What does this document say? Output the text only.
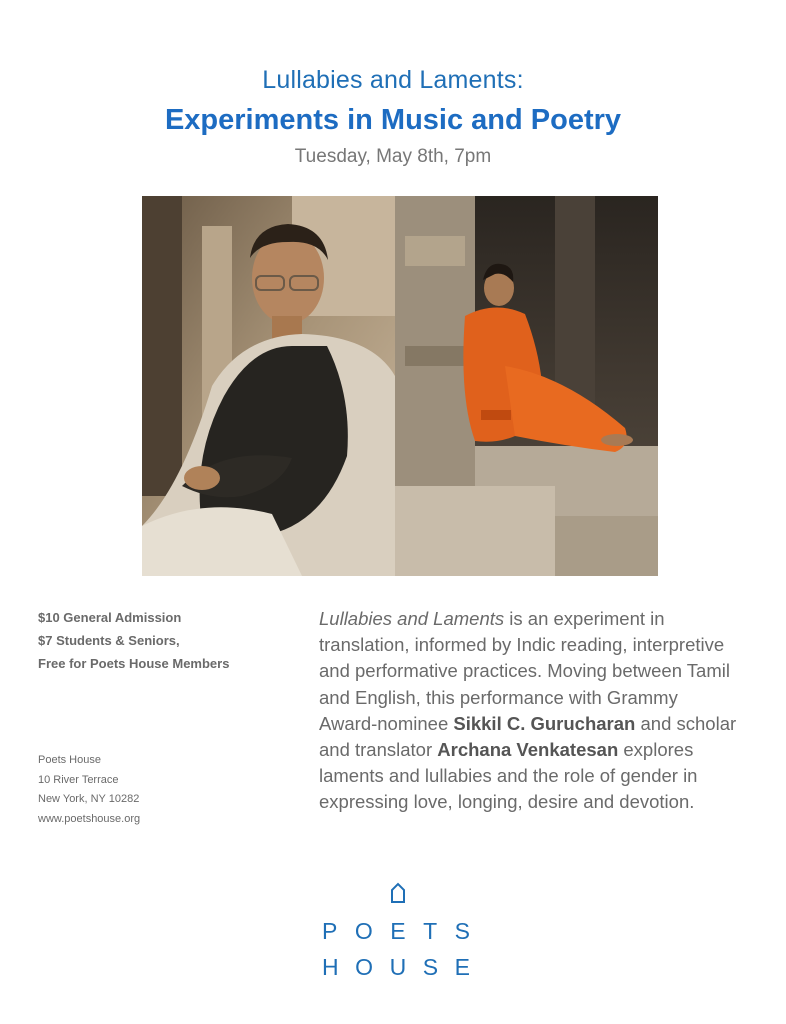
Lullabies and Laments:
Experiments in Music and Poetry
Tuesday, May 8th, 7pm
$10 General Admission
$7 Students & Seniors,
Free for Poets House Members
Poets House
10 River Terrace
New York, NY 10282
www.poetshouse.org
Lullabies and Laments is an experiment in translation, informed by Indic reading, interpretive and performative practices. Moving between Tamil and English, this performance with Grammy Award-nominee Sikkil C. Gurucharan and scholar and translator Archana Venkatesan explores laments and lullabies and the role of gender in expressing love, longing, desire and devotion.
P O E T S
H O U S E
